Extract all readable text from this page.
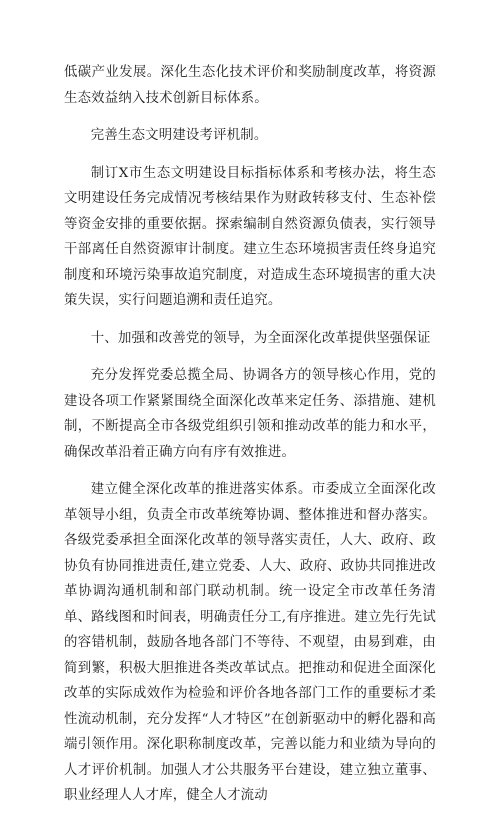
低碳产业发展。深化生态化技术评价和奖励制度改革，将资源生态效益纳入技术创新目标体系。

完善生态文明建设考评机制。

制订X市生态文明建设目标指标体系和考核办法，将生态文明建设任务完成情况考核结果作为财政转移支付、生态补偿等资金安排的重要依据。探索编制自然资源负债表，实行领导干部离任自然资源审计制度。建立生态环境损害责任终身追究制度和环境污染事故追究制度，对造成生态环境损害的重大决策失误，实行问题追溯和责任追究。

十、加强和改善党的领导，为全面深化改革提供坚强保证

充分发挥党委总揽全局、协调各方的领导核心作用，党的建设各项工作紧紧围绕全面深化改革来定任务、添措施、建机制，不断提高全市各级党组织引领和推动改革的能力和水平，确保改革沿着正确方向有序有效推进。

建立健全深化改革的推进落实体系。市委成立全面深化改革领导小组，负责全市改革统筹协调、整体推进和督办落实。各级党委承担全面深化改革的领导落实责任，人大、政府、政协负有协同推进责任,建立党委、人大、政府、政协共同推进改革协调沟通机制和部门联动机制。统一设定全市改革任务清单、路线图和时间表，明确责任分工,有序推进。建立先行先试的容错机制，鼓励各地各部门不等待、不观望，由易到难，由简到繁，积极大胆推进各类改革试点。把推动和促进全面深化改革的实际成效作为检验和评价各地各部门工作的重要标才柔性流动机制，充分发挥“人才特区”在创新驱动中的孵化器和高端引领作用。深化职称制度改革，完善以能力和业绩为导向的人才评价机制。加强人才公共服务平台建设，建立独立董事、职业经理人人才库，健全人才流动
